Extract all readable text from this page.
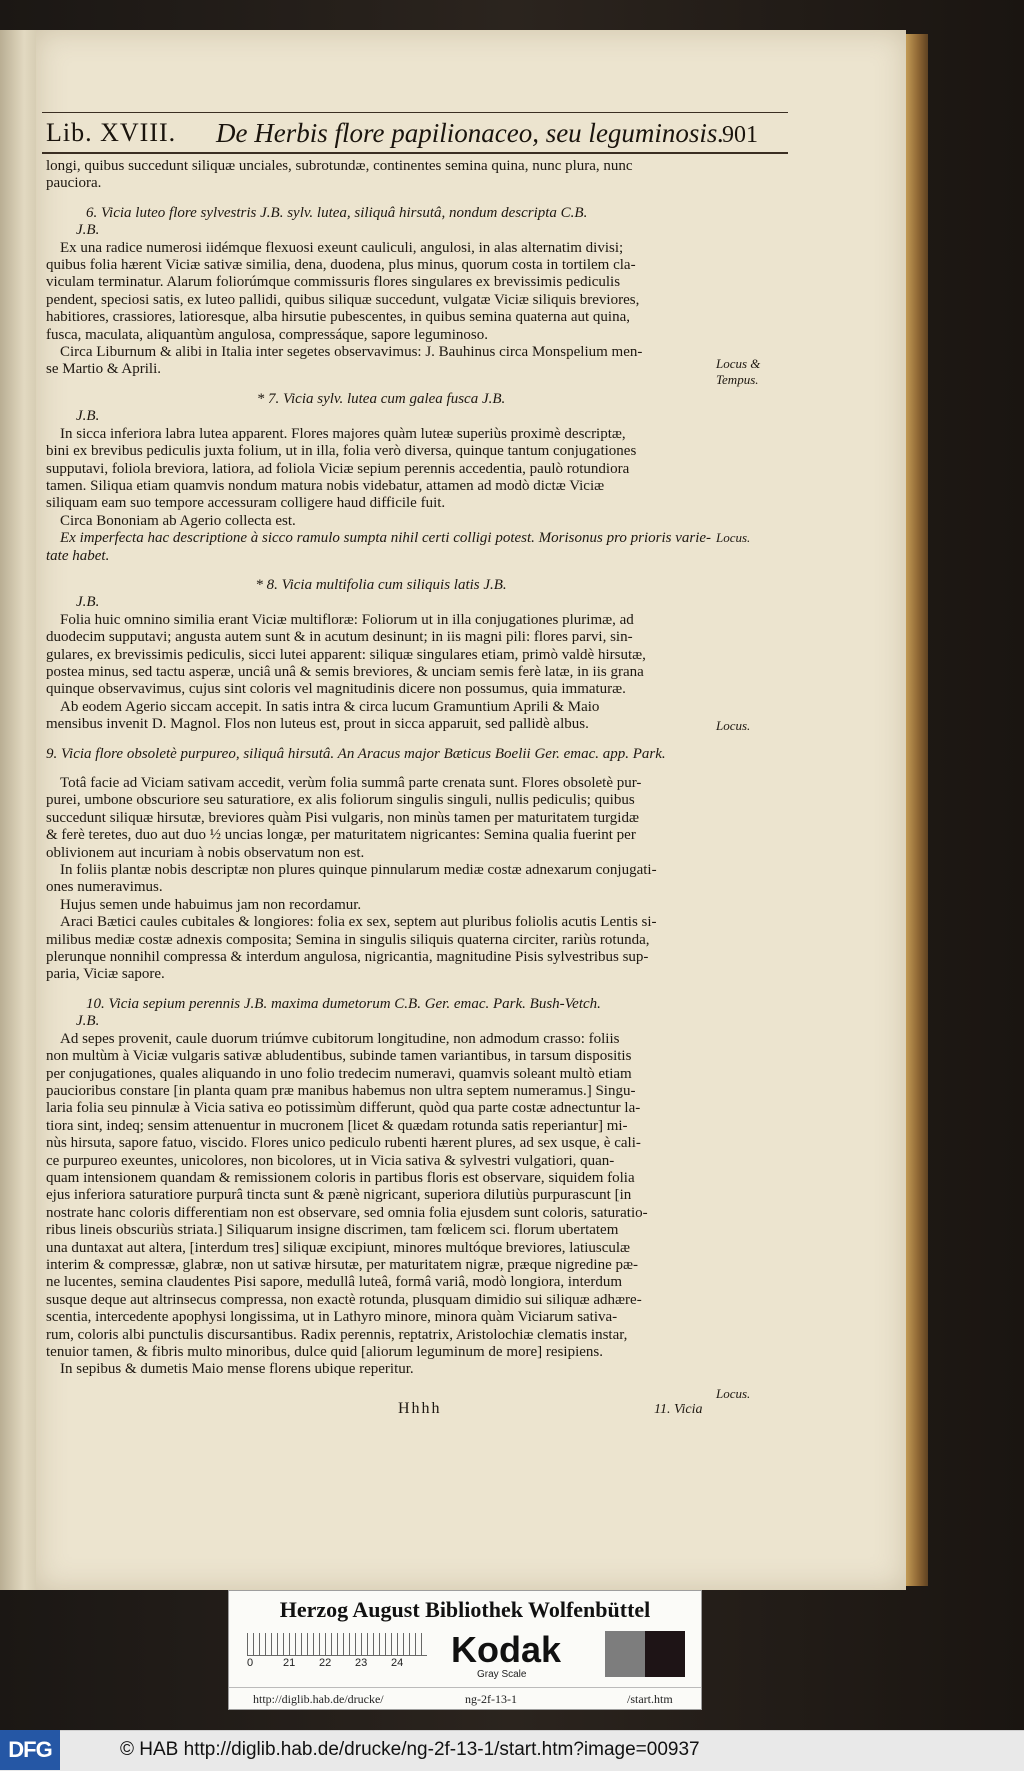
Lib. XVIII. De Herbis flore papilionaceo, seu leguminosis.
901
longi, quibus succedunt siliquæ unciales, subrotundæ, continentes semina quina, nunc plura, nunc
pauciora.
6. Vicia luteo flore sylvestris J.B. sylv. lutea, siliquâ hirsutâ, nondum descripta C.B.
J.B.
Ex una radice numerosi iidémque flexuosi exeunt cauliculi, angulosi, in alas alternatim divisi;
quibus folia hærent Viciæ sativæ similia, dena, duodena, plus minus, quorum costa in tortilem cla-
viculam terminatur. Alarum foliorúmque commissuris flores singulares ex brevissimis pediculis
pendent, speciosi satis, ex luteo pallidi, quibus siliquæ succedunt, vulgatæ Viciæ siliquis breviores,
habitiores, crassiores, latioresque, alba hirsutie pubescentes, in quibus semina quaterna aut quina,
fusca, maculata, aliquantùm angulosa, compressáque, sapore leguminoso.
Circa Liburnum & alibi in Italia inter segetes observavimus: J. Bauhinus circa Monspelium men-
se Martio & Aprili.
* 7. Vicia sylv. lutea cum galea fusca J.B.
J.B.
In sicca inferiora labra lutea apparent. Flores majores quàm luteæ superiùs proximè descriptæ,
bini ex brevibus pediculis juxta folium, ut in illa, folia verò diversa, quinque tantum conjugationes
supputavi, foliola breviora, latiora, ad foliola Viciæ sepium perennis accedentia, paulò rotundiora
tamen. Siliqua etiam quamvis nondum matura nobis videbatur, attamen ad modò dictæ Viciæ
siliquam eam suo tempore accessuram colligere haud difficile fuit.
Circa Bononiam ab Agerio collecta est.
Ex imperfecta hac descriptione à sicco ramulo sumpta nihil certi colligi potest. Morisonus pro prioris varie-
tate habet.
* 8. Vicia multifolia cum siliquis latis J.B.
J.B.
Folia huic omnino similia erant Viciæ multifloræ: Foliorum ut in illa conjugationes plurimæ, ad
duodecim supputavi; angusta autem sunt & in acutum desinunt; in iis magni pili: flores parvi, sin-
gulares, ex brevissimis pediculis, sicci lutei apparent: siliquæ singulares etiam, primò valdè hirsutæ,
postea minus, sed tactu asperæ, unciâ unâ & semis breviores, & unciam semis ferè latæ, in iis grana
quinque observavimus, cujus sint coloris vel magnitudinis dicere non possumus, quia immaturæ.
Ab eodem Agerio siccam accepit. In satis intra & circa lucum Gramuntium Aprili & Maio
mensibus invenit D. Magnol. Flos non luteus est, prout in sicca apparuit, sed pallidè albus.
9. Vicia flore obsoletè purpureo, siliquâ hirsutâ. An Aracus major Bæticus Boelii Ger. emac. app. Park.
Totâ facie ad Viciam sativam accedit, verùm folia summâ parte crenata sunt. Flores obsoletè pur-
purei, umbone obscuriore seu saturatiore, ex alis foliorum singulis singuli, nullis pediculis; quibus
succedunt siliquæ hirsutæ, breviores quàm Pisi vulgaris, non minùs tamen per maturitatem turgidæ
& ferè teretes, duo aut duo ½ uncias longæ, per maturitatem nigricantes: Semina qualia fuerint per
oblivionem aut incuriam à nobis observatum non est.
In foliis plantæ nobis descriptæ non plures quinque pinnularum mediæ costæ adnexarum conjugati-
ones numeravimus.
Hujus semen unde habuimus jam non recordamur.
Araci Bætici caules cubitales & longiores: folia ex sex, septem aut pluribus foliolis acutis Lentis si-
milibus mediæ costæ adnexis composita; Semina in singulis siliquis quaterna circiter, rariùs rotunda,
plerunque nonnihil compressa & interdum angulosa, nigricantia, magnitudine Pisis sylvestribus sup-
paria, Viciæ sapore.
10. Vicia sepium perennis J.B. maxima dumetorum C.B. Ger. emac. Park. Bush-Vetch.
J.B.
Ad sepes provenit, caule duorum triúmve cubitorum longitudine, non admodum crasso: foliis
non multùm à Viciæ vulgaris sativæ abludentibus, subinde tamen variantibus, in tarsum dispositis
per conjugationes, quales aliquando in uno folio tredecim numeravi, quamvis soleant multò etiam
paucioribus constare [in planta quam præ manibus habemus non ultra septem numeramus.] Singu-
laria folia seu pinnulæ à Vicia sativa eo potissimùm differunt, quòd qua parte costæ adnectuntur la-
tiora sint, indeq; sensim attenuentur in mucronem [licet & quædam rotunda satis reperiantur] mi-
nùs hirsuta, sapore fatuo, viscido. Flores unico pediculo rubenti hærent plures, ad sex usque, è cali-
ce purpureo exeuntes, unicolores, non bicolores, ut in Vicia sativa & sylvestri vulgatiori, quan-
quam intensionem quandam & remissionem coloris in partibus floris est observare, siquidem folia
ejus inferiora saturatiore purpurâ tincta sunt & pænè nigricant, superiora dilutiùs purpurascunt [in
nostrate hanc coloris differentiam non est observare, sed omnia folia ejusdem sunt coloris, saturatio-
ribus lineis obscuriùs striata.] Siliquarum insigne discrimen, tam fœlicem sci. florum ubertatem
una duntaxat aut altera, [interdum tres] siliquæ excipiunt, minores multóque breviores, latiusculæ
interim & compressæ, glabræ, non ut sativæ hirsutæ, per maturitatem nigræ, præque nigredine pæ-
ne lucentes, semina claudentes Pisi sapore, medullâ luteâ, formâ variâ, modò longiora, interdum
susque deque aut altrinsecus compressa, non exactè rotunda, plusquam dimidio sui siliquæ adhære-
scentia, intercedente apophysi longissima, ut in Lathyro minore, minora quàm Viciarum sativa-
rum, coloris albi punctulis discursantibus. Radix perennis, reptatrix, Aristolochiæ clematis instar,
tenuior tamen, & fibris multo minoribus, dulce quid [aliorum leguminum de more] resipiens.
In sepibus & dumetis Maio mense florens ubique reperitur.
Locus &
Tempus.
Locus.
Locus.
Locus.
Hhhh	11. Vicia
Herzog August Bibliothek Wolfenbüttel
0	21 22 23 24	Kodak
Gray Scale
http://diglib.hab.de/drucke/	ng-2f-13-1	/start.htm
DFG	© HAB http://diglib.hab.de/drucke/ng-2f-13-1/start.htm?image=00937
